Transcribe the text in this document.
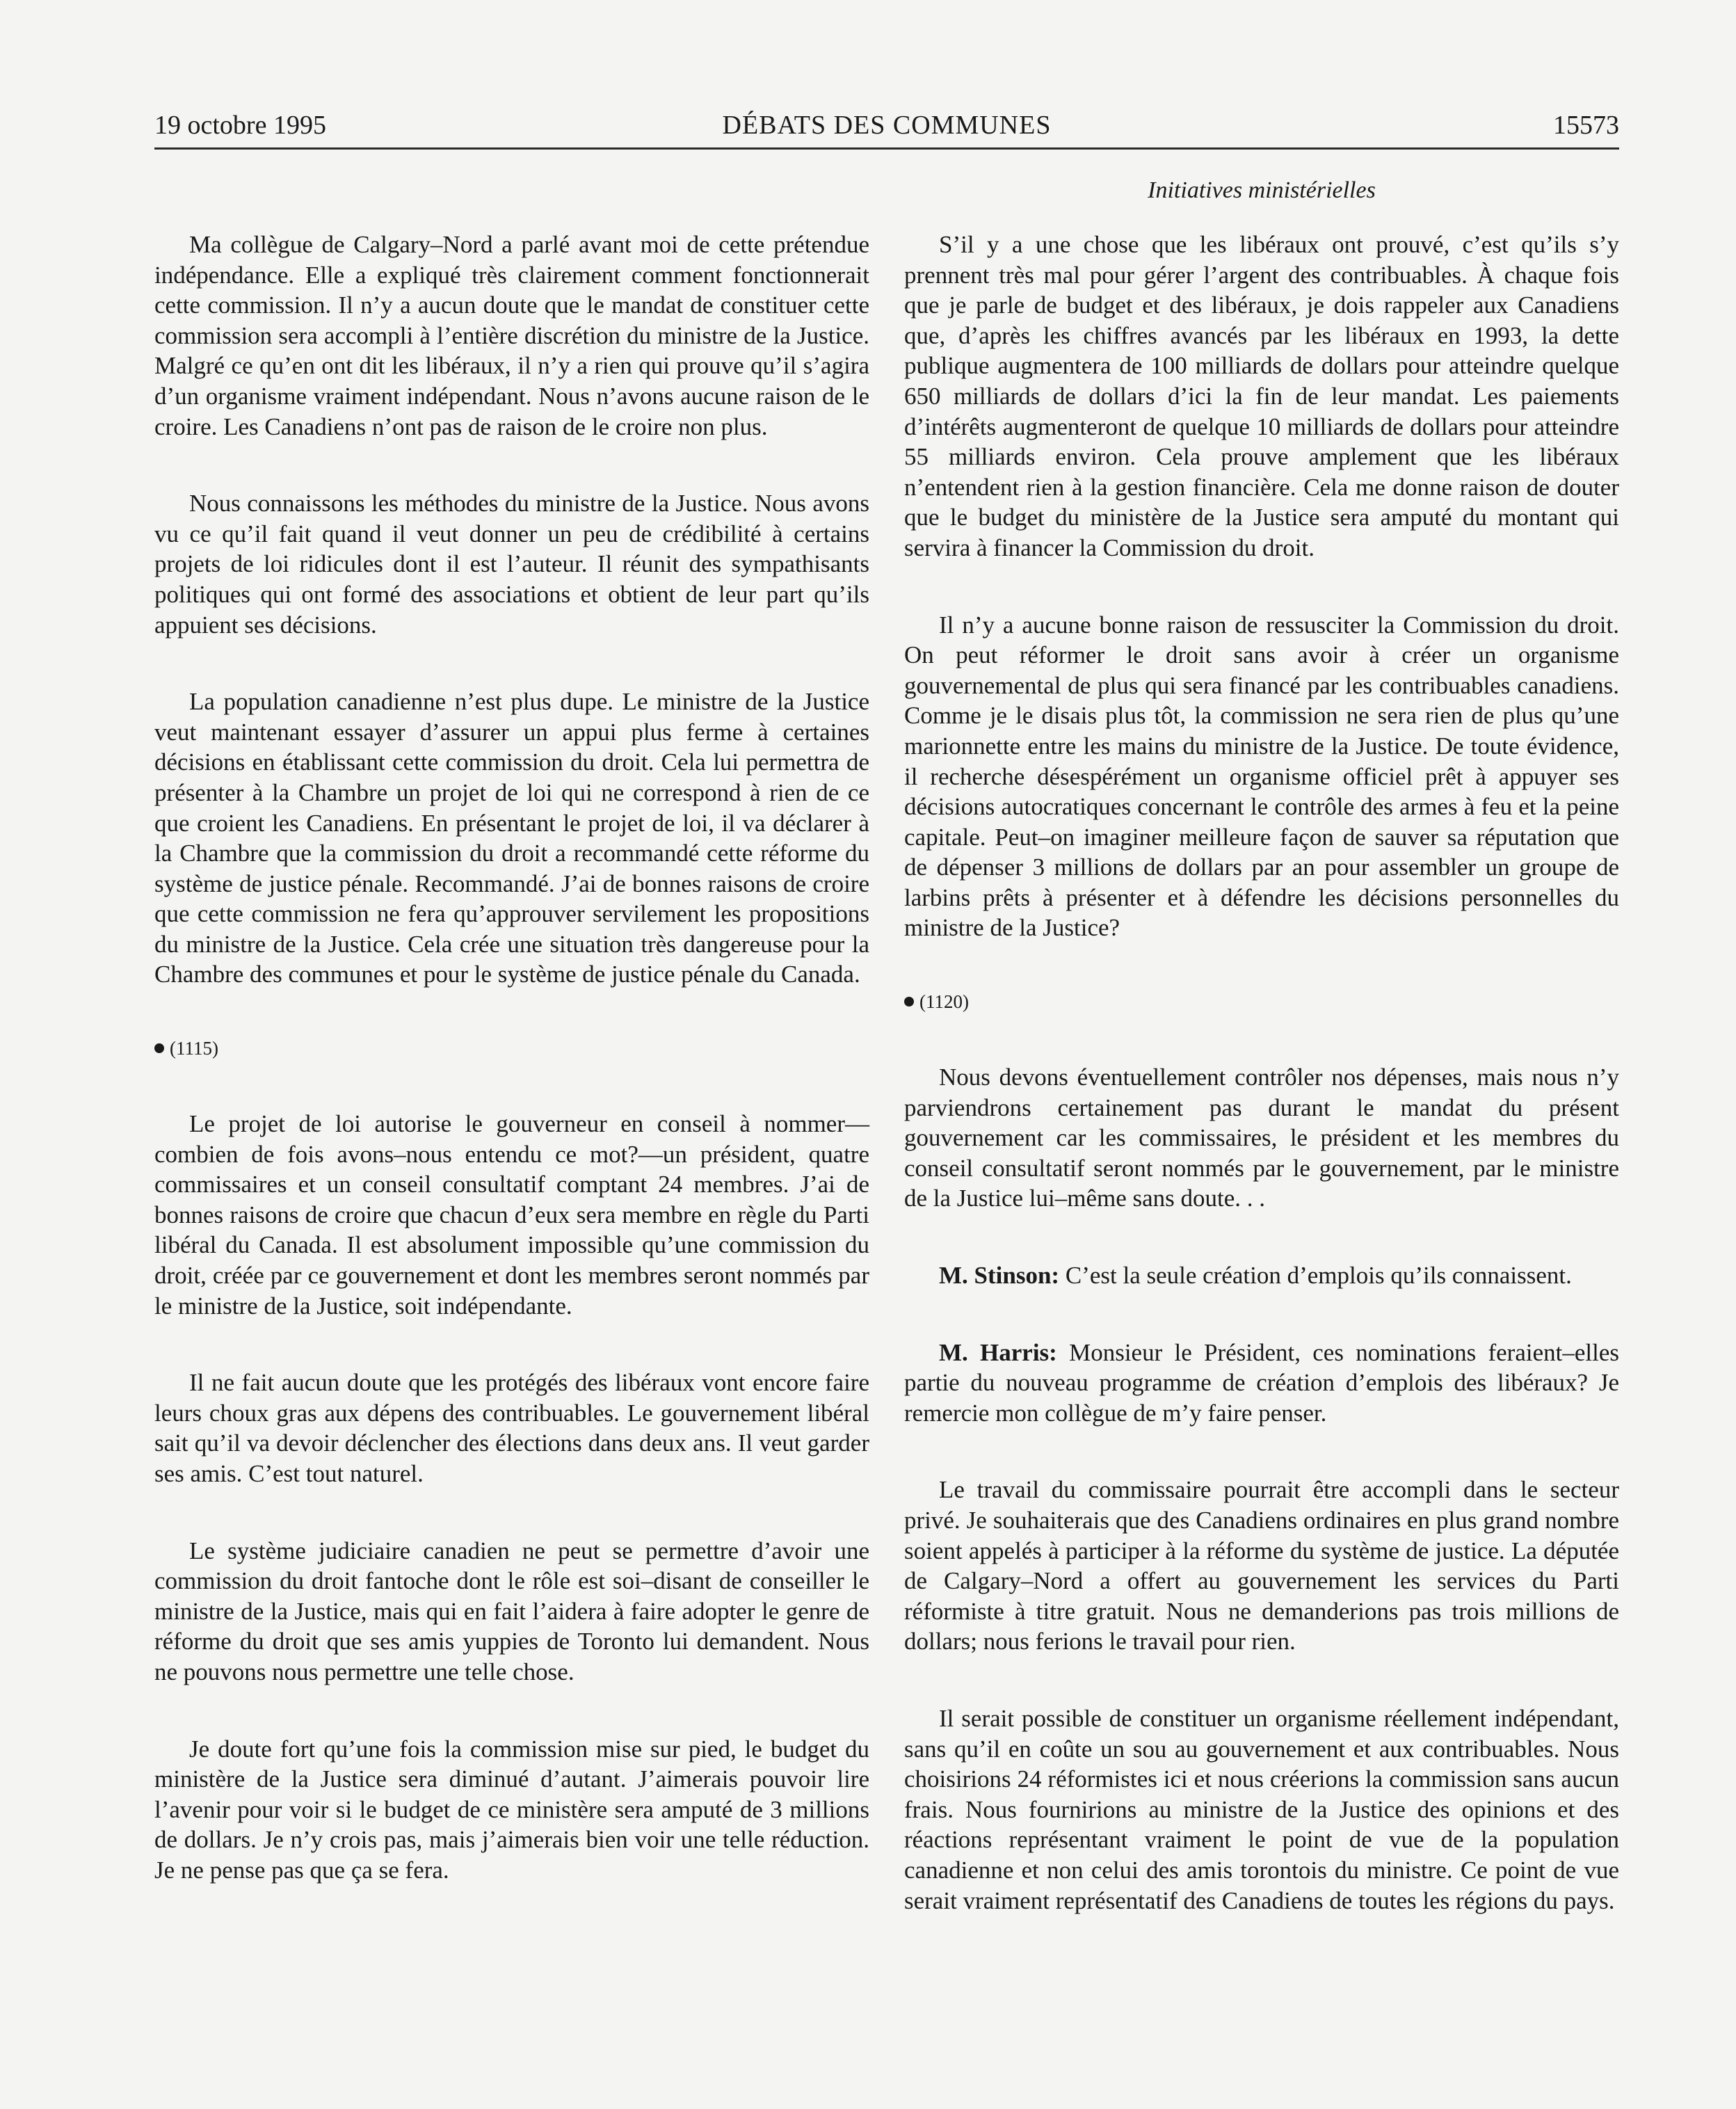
19 octobre 1995	DÉBATS DES COMMUNES	15573
Initiatives ministérielles

Ma collègue de Calgary–Nord a parlé avant moi de cette prétendue indépendance. Elle a expliqué très clairement comment fonctionnerait cette commission. Il n’y a aucun doute que le mandat de constituer cette commission sera accompli à l’entière discrétion du ministre de la Justice. Malgré ce qu’en ont dit les libéraux, il n’y a rien qui prouve qu’il s’agira d’un organisme vraiment indépendant. Nous n’avons aucune raison de le croire. Les Canadiens n’ont pas de raison de le croire non plus.

Nous connaissons les méthodes du ministre de la Justice. Nous avons vu ce qu’il fait quand il veut donner un peu de crédibilité à certains projets de loi ridicules dont il est l’auteur. Il réunit des sympathisants politiques qui ont formé des associations et obtient de leur part qu’ils appuient ses décisions.

La population canadienne n’est plus dupe. Le ministre de la Justice veut maintenant essayer d’assurer un appui plus ferme à certaines décisions en établissant cette commission du droit. Cela lui permettra de présenter à la Chambre un projet de loi qui ne correspond à rien de ce que croient les Canadiens. En présentant le projet de loi, il va déclarer à la Chambre que la commission du droit a recommandé cette réforme du système de justice pénale. Recommandé. J’ai de bonnes raisons de croire que cette commission ne fera qu’approuver servilement les propositions du ministre de la Justice. Cela crée une situation très dangereuse pour la Chambre des communes et pour le système de justice pénale du Canada.

(1115)

Le projet de loi autorise le gouverneur en conseil à nommer—combien de fois avons–nous entendu ce mot?—un président, quatre commissaires et un conseil consultatif comptant 24 membres. J’ai de bonnes raisons de croire que chacun d’eux sera membre en règle du Parti libéral du Canada. Il est absolument impossible qu’une commission du droit, créée par ce gouvernement et dont les membres seront nommés par le ministre de la Justice, soit indépendante.

Il ne fait aucun doute que les protégés des libéraux vont encore faire leurs choux gras aux dépens des contribuables. Le gouvernement libéral sait qu’il va devoir déclencher des élections dans deux ans. Il veut garder ses amis. C’est tout naturel.

Le système judiciaire canadien ne peut se permettre d’avoir une commission du droit fantoche dont le rôle est soi–disant de conseiller le ministre de la Justice, mais qui en fait l’aidera à faire adopter le genre de réforme du droit que ses amis yuppies de Toronto lui demandent. Nous ne pouvons nous permettre une telle chose.

Je doute fort qu’une fois la commission mise sur pied, le budget du ministère de la Justice sera diminué d’autant. J’aimerais pouvoir lire l’avenir pour voir si le budget de ce ministère sera amputé de 3 millions de dollars. Je n’y crois pas, mais j’aimerais bien voir une telle réduction. Je ne pense pas que ça se fera.

S’il y a une chose que les libéraux ont prouvé, c’est qu’ils s’y prennent très mal pour gérer l’argent des contribuables. À chaque fois que je parle de budget et des libéraux, je dois rappeler aux Canadiens que, d’après les chiffres avancés par les libéraux en 1993, la dette publique augmentera de 100 milliards de dollars pour atteindre quelque 650 milliards de dollars d’ici la fin de leur mandat. Les paiements d’intérêts augmenteront de quelque 10 milliards de dollars pour atteindre 55 milliards environ. Cela prouve amplement que les libéraux n’entendent rien à la gestion financière. Cela me donne raison de douter que le budget du ministère de la Justice sera amputé du montant qui servira à financer la Commission du droit.

Il n’y a aucune bonne raison de ressusciter la Commission du droit. On peut réformer le droit sans avoir à créer un organisme gouvernemental de plus qui sera financé par les contribuables canadiens. Comme je le disais plus tôt, la commission ne sera rien de plus qu’une marionnette entre les mains du ministre de la Justice. De toute évidence, il recherche désespérément un organisme officiel prêt à appuyer ses décisions autocratiques concernant le contrôle des armes à feu et la peine capitale. Peut–on imaginer meilleure façon de sauver sa réputation que de dépenser 3 millions de dollars par an pour assembler un groupe de larbins prêts à présenter et à défendre les décisions personnelles du ministre de la Justice?

(1120)

Nous devons éventuellement contrôler nos dépenses, mais nous n’y parviendrons certainement pas durant le mandat du présent gouvernement car les commissaires, le président et les membres du conseil consultatif seront nommés par le gouvernement, par le ministre de la Justice lui–même sans doute. . .

M. Stinson: C’est la seule création d’emplois qu’ils connaissent.

M. Harris: Monsieur le Président, ces nominations feraient–elles partie du nouveau programme de création d’emplois des libéraux? Je remercie mon collègue de m’y faire penser.

Le travail du commissaire pourrait être accompli dans le secteur privé. Je souhaiterais que des Canadiens ordinaires en plus grand nombre soient appelés à participer à la réforme du système de justice. La députée de Calgary–Nord a offert au gouvernement les services du Parti réformiste à titre gratuit. Nous ne demanderions pas trois millions de dollars; nous ferions le travail pour rien.

Il serait possible de constituer un organisme réellement indépendant, sans qu’il en coûte un sou au gouvernement et aux contribuables. Nous choisirions 24 réformistes ici et nous créerions la commission sans aucun frais. Nous fournirions au ministre de la Justice des opinions et des réactions représentant vraiment le point de vue de la population canadienne et non celui des amis torontois du ministre. Ce point de vue serait vraiment représentatif des Canadiens de toutes les régions du pays.
